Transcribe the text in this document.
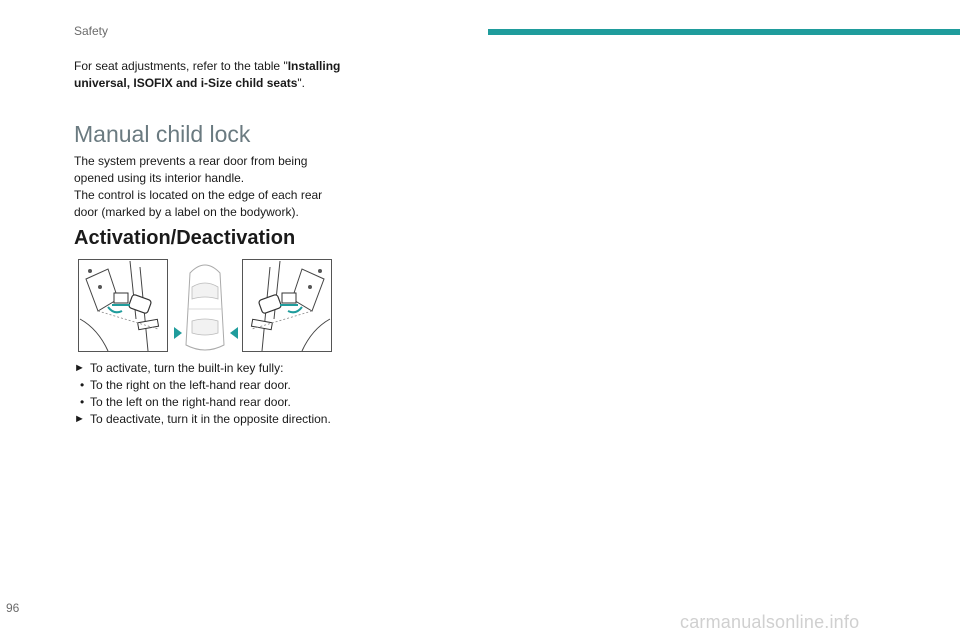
Safety
For seat adjustments, refer to the table "Installing universal, ISOFIX and i-Size child seats".
Manual child lock

The system prevents a rear door from being opened using its interior handle.

The control is located on the edge of each rear door (marked by a label on the bodywork).

Activation/Deactivation
► To activate, turn the built-in key fully:
• To the right on the left-hand rear door.
• To the left on the right-hand rear door.
► To deactivate, turn it in the opposite direction.
96
carmanualsonline.info
